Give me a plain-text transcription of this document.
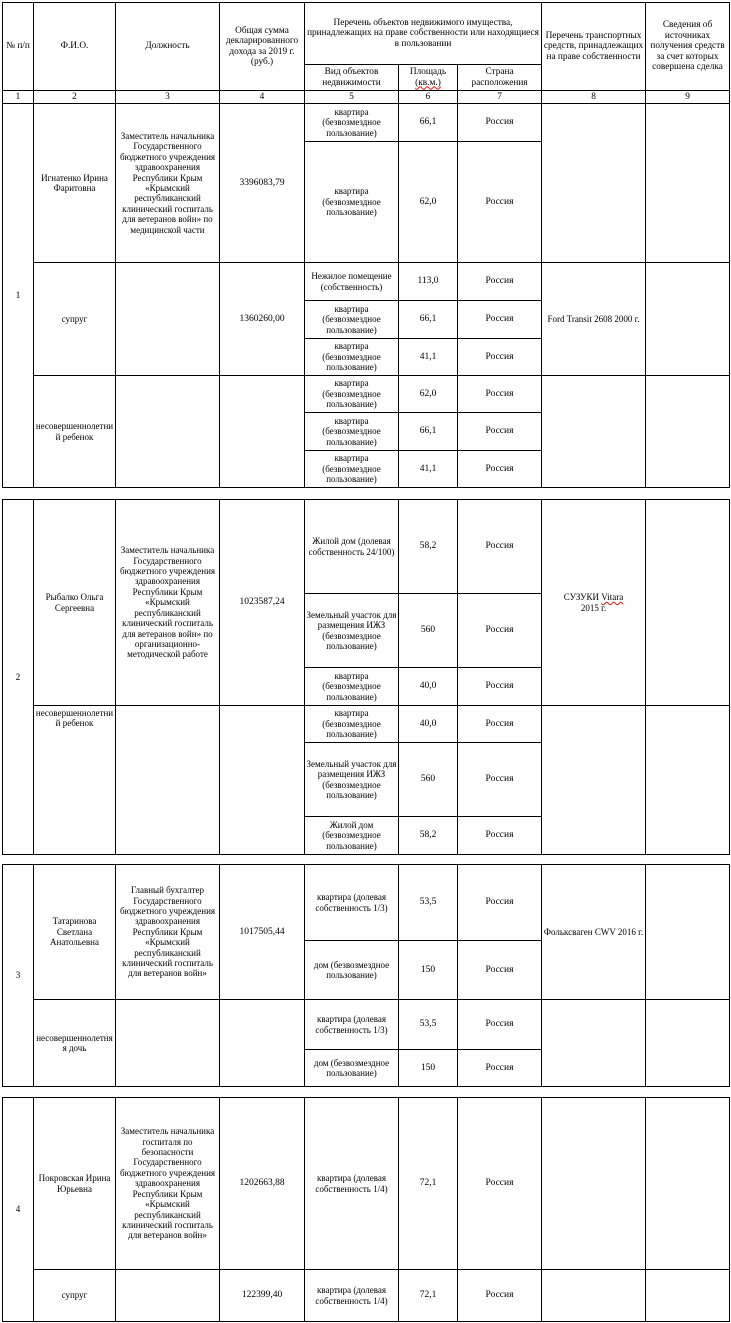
№ п/п	Ф.И.О.	Должность	Общая сумма декларированного дохода за 2019 г. (руб.)	Перечень объектов недвижимого имущества, принадлежащих на праве собственности или находящиеся в пользовании			Перечень транспортных средств, принадлежащих на праве собственности	Сведения об источниках получения средств за счет которых совершена сделка
				Вид объектов недвижимости	Площадь (кв.м.)	Страна расположения		
1	2	3	4	5	6	7	8	9
1	Игнатенко Ирина Фаритовна	Заместитель начальника Государственного бюджетного учреждения здравоохранения Республики Крым «Крымский республиканский клинический госпиталь для ветеранов войн» по медицинской части	3396083,79	квартира (безвозмездное пользование)	66,1	Россия		
				квартира (безвозмездное пользование)	62,0	Россия		
	супруг		1360260,00	Нежилое помещение (собственность)	113,0	Россия	Ford Transit 2608 2000 г.	
				квартира (безвозмездное пользование)	66,1	Россия		
				квартира (безвозмездное пользование)	41,1	Россия		
	несовершеннолетний ребенок			квартира (безвозмездное пользование)	62,0	Россия		
				квартира (безвозмездное пользование)	66,1	Россия		
				квартира (безвозмездное пользование)	41,1	Россия		
2	Рыбалко Ольга Сергеевна	Заместитель начальника Государственного бюджетного учреждения здравоохранения Республики Крым «Крымский республиканский клинический госпиталь для ветеранов войн» по организационно-методической работе	1023587,24	Жилой дом (долевая собственность 24/100)	58,2	Россия	СУЗУКИ Vitara
2015 г.	
				Земельный участок для размещения ИЖЗ (безвозмездное пользование)	560	Россия		
				квартира (безвозмездное пользование)	40,0	Россия		
	несовершеннолетний ребенок			квартира (безвозмездное пользование)	40,0	Россия		
				Земельный участок для размещения ИЖЗ (безвозмездное пользование)	560	Россия		
				Жилой дом (безвозмездное пользование)	58,2	Россия		
3	Татаринова Светлана Анатольевна	Главный бухгалтер Государственного бюджетного учреждения здравоохранения Республики Крым «Крымский республиканский клинический госпиталь для ветеранов войн»	1017505,44	квартира (долевая собственность 1/3)	53,5	Россия	Фольксваген CWV 2016 г.	
				дом (безвозмездное пользование)	150	Россия		
	несовершеннолетняя дочь			квартира (долевая собственность 1/3)	53,5	Россия		
				дом (безвозмездное пользование)	150	Россия		
4	Покровская Ирина Юрьевна	Заместитель начальника госпиталя по безопасности Государственного бюджетного учреждения здравоохранения Республики Крым «Крымский республиканский клинический госпиталь для ветеранов войн»	1202663,88	квартира (долевая собственность 1/4)	72,1	Россия		
	супруг		122399,40	квартира (долевая собственность 1/4)	72,1	Россия		
